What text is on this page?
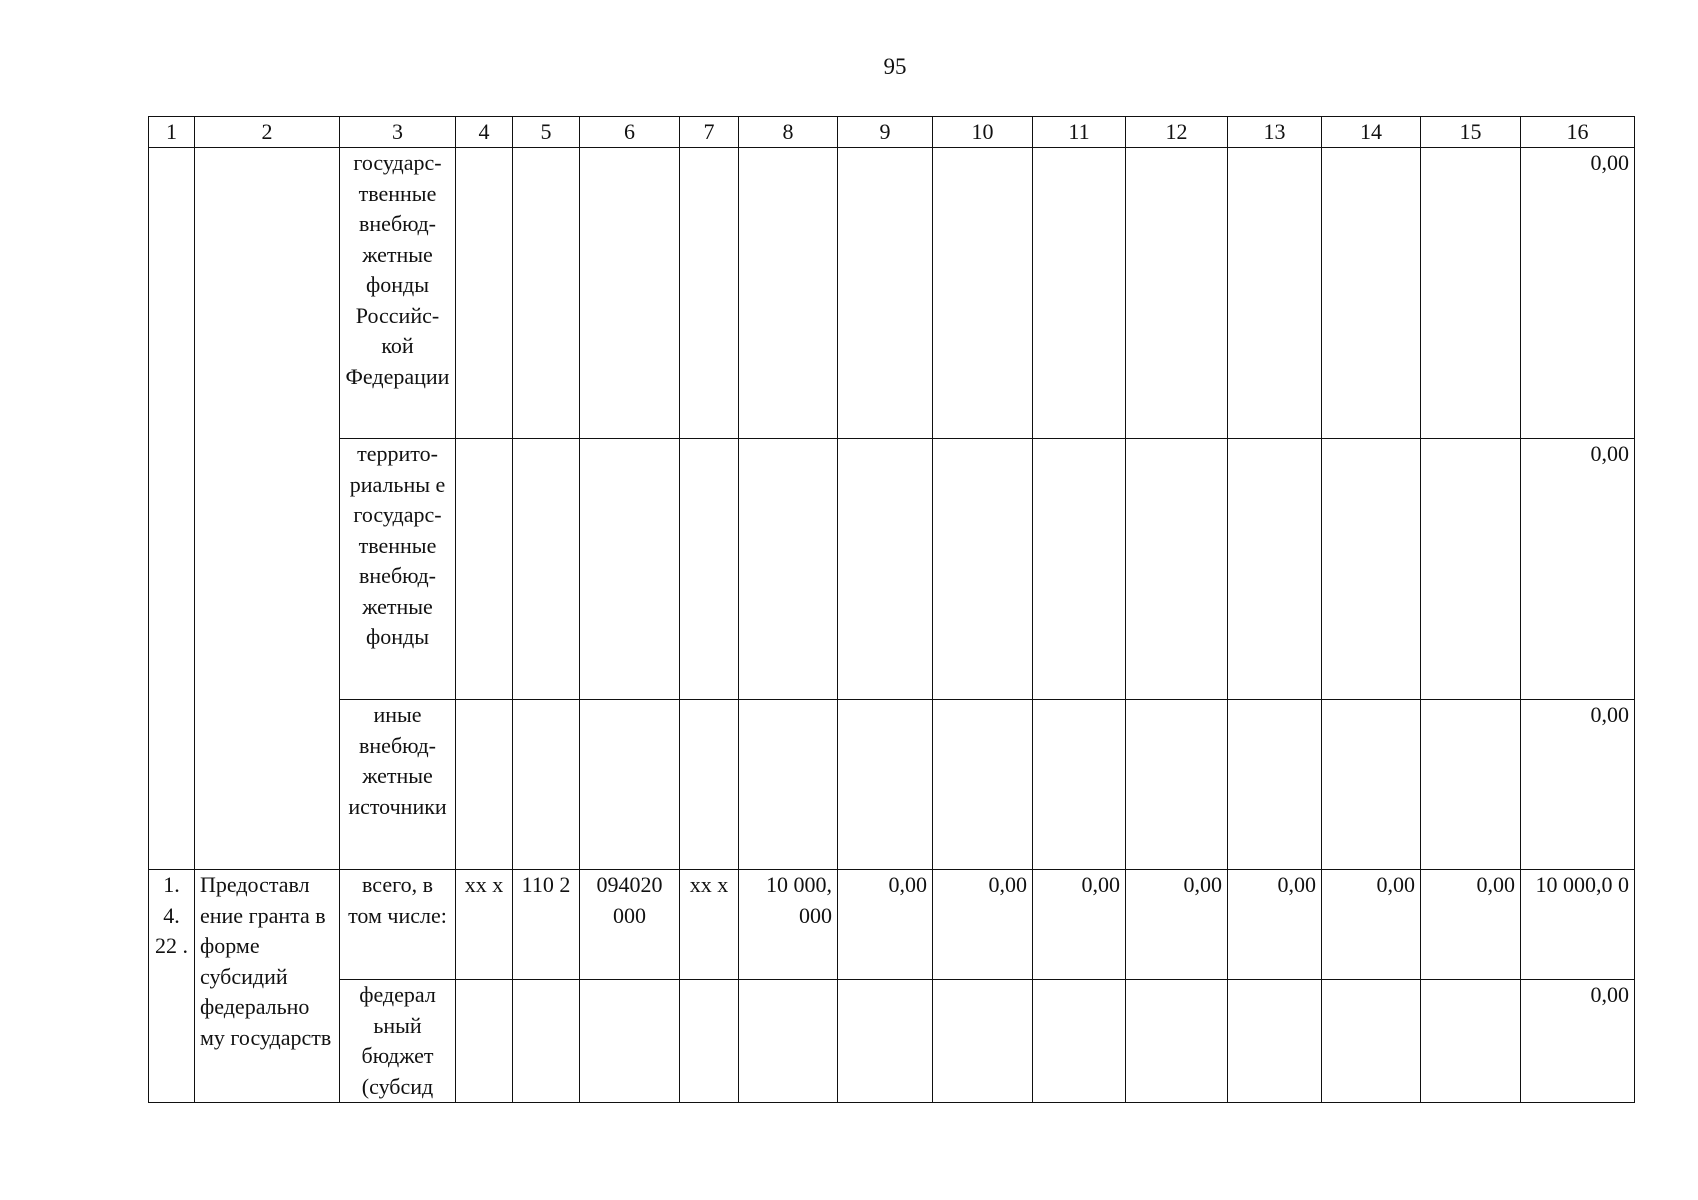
95
1	2	3	4	5	6	7	8	9	10	11	12	13	14	15	16
		государственные внебюджетные фонды Российской Федерации													0,00
		территориальны е государственные внебюджетные фонды													0,00
		иные внебюджетные источники													0,00
1. 4. 22 .	Предоставл ение гранта в форме субсидий федерально му государств	всего, в том числе:	хх х	110 2	094020 000	хх х	10 000, 000	0,00	0,00	0,00	0,00	0,00	0,00	0,00	10 000,0 0
		федерал ьный бюджет (субсид													0,00
